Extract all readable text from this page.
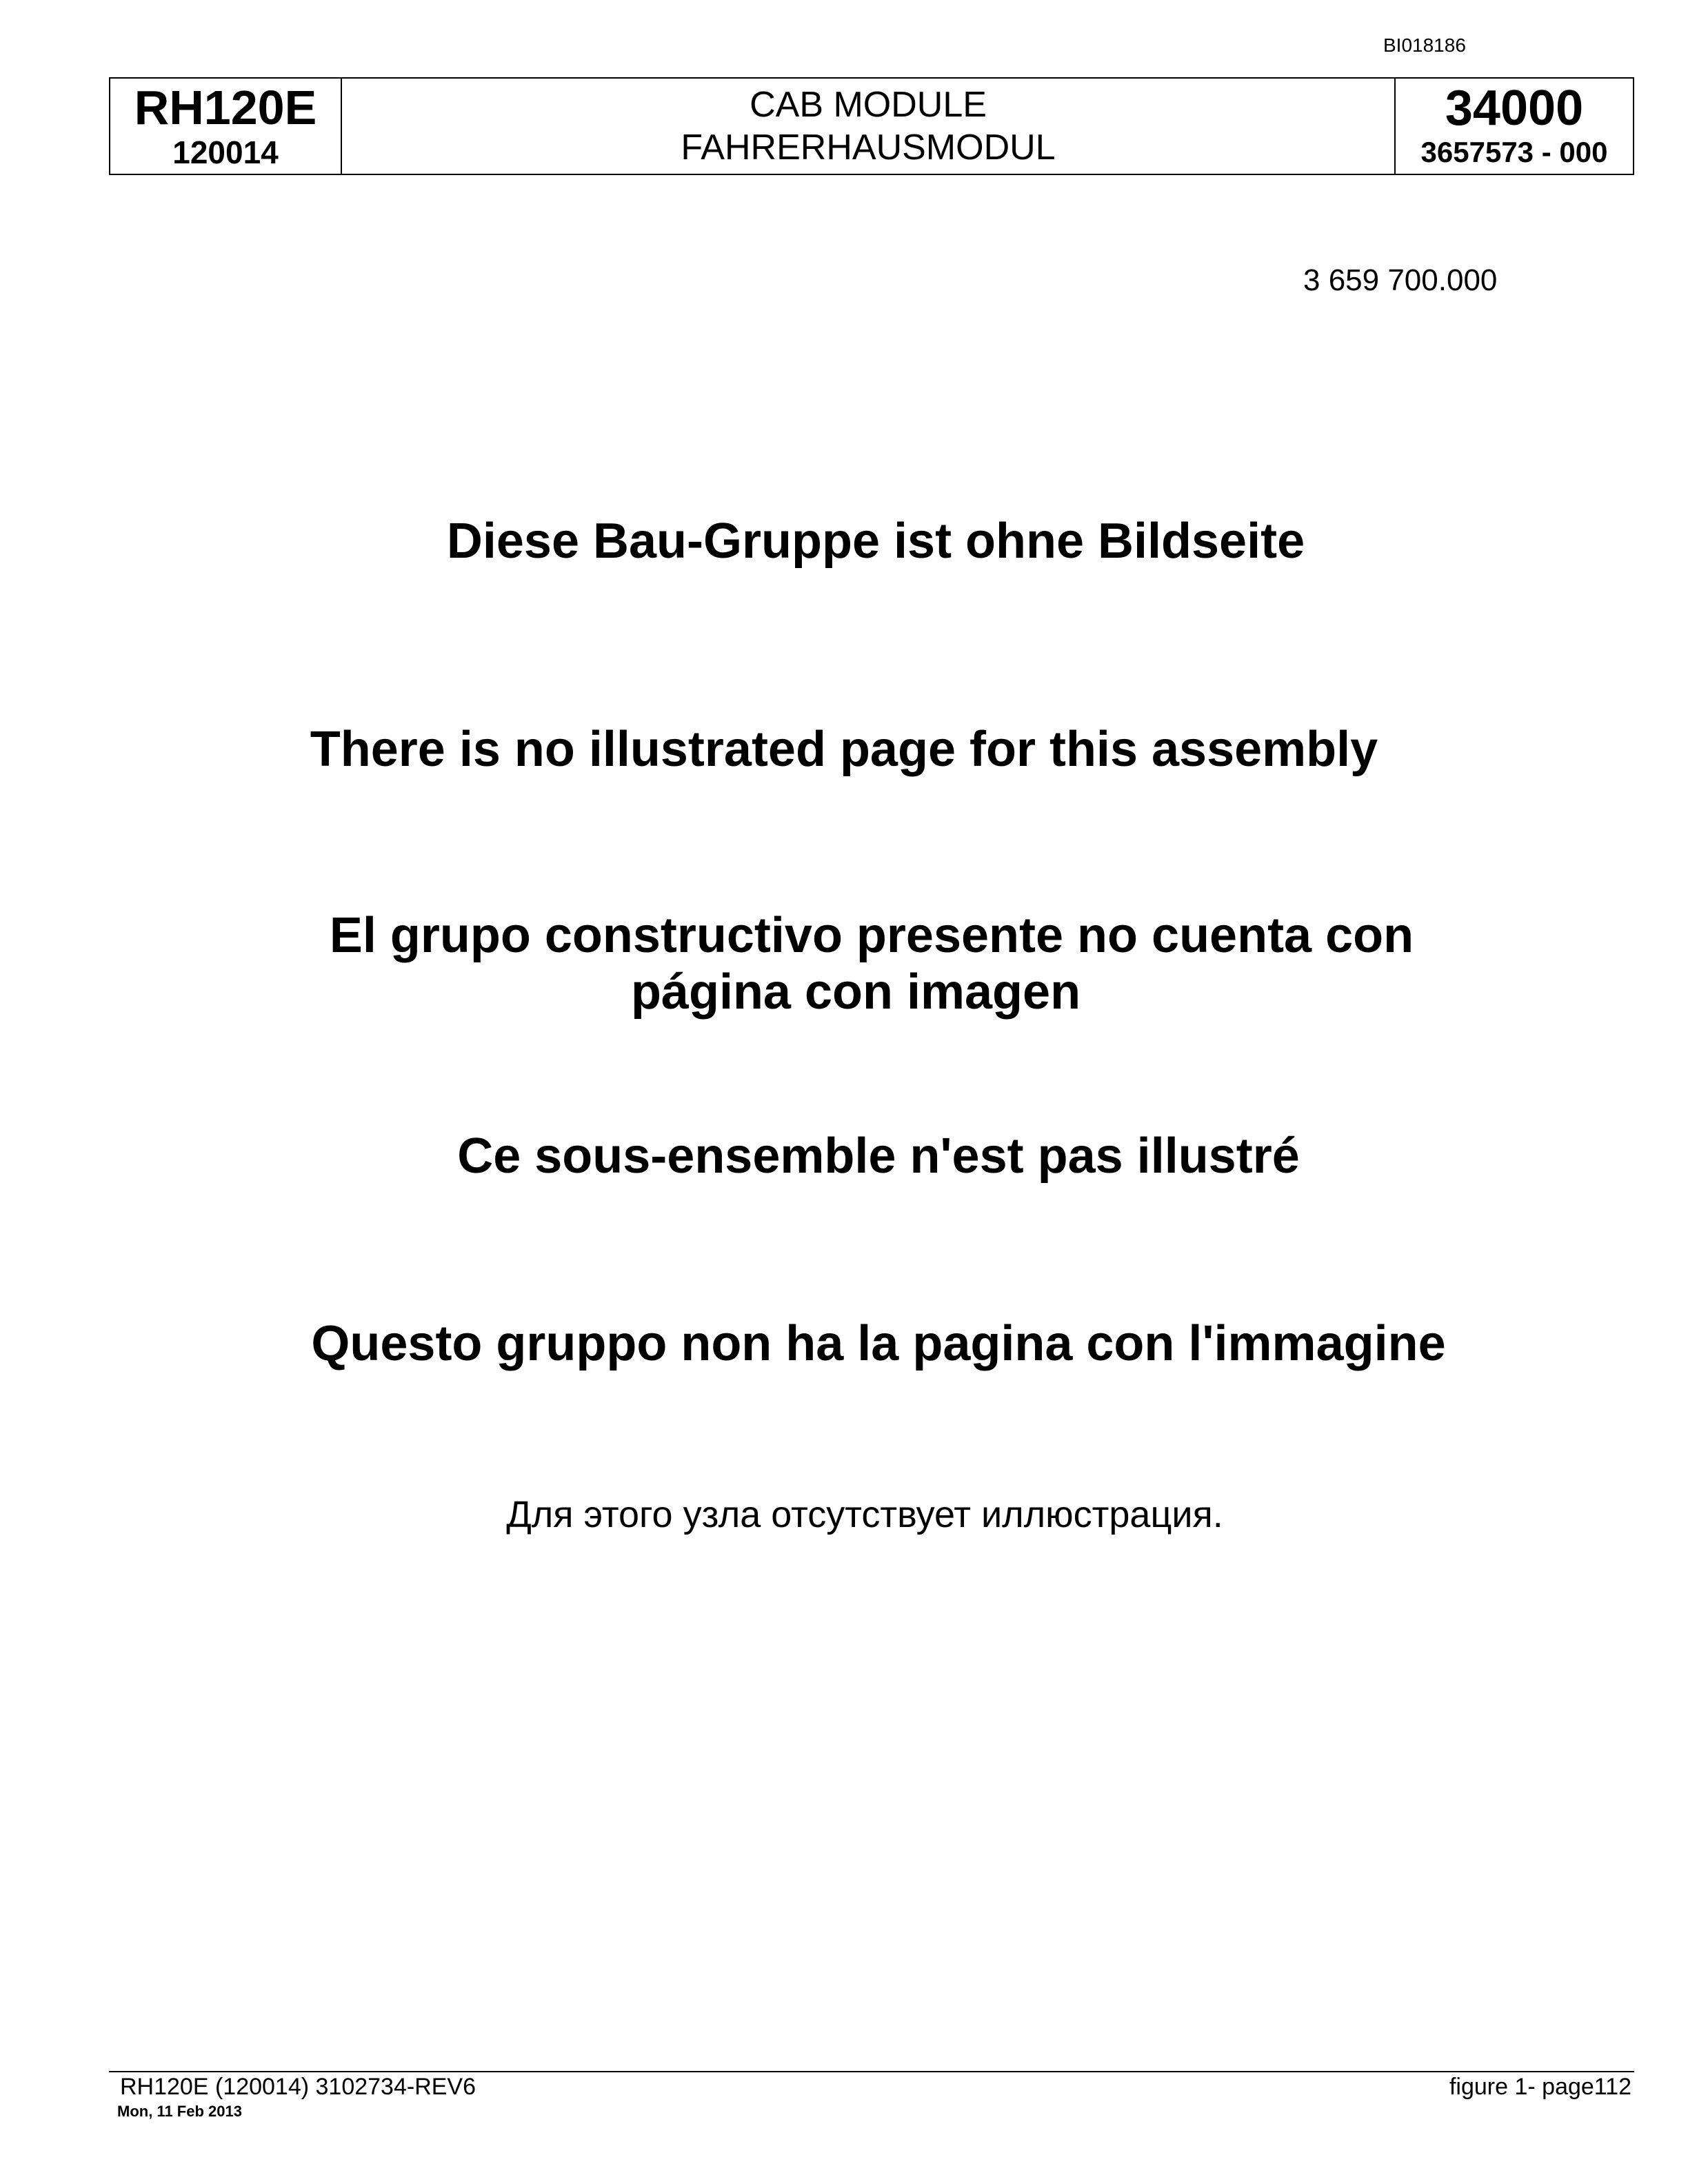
BI018186
RH120E
120014
CAB MODULE
FAHRERHAUSMODUL
34000
3657573 - 000
3 659 700.000
Diese Bau-Gruppe ist ohne Bildseite
There is no illustrated page for this assembly
El grupo constructivo presente no cuenta con
página con imagen
Ce sous-ensemble n'est pas illustré
Questo gruppo non ha la pagina con l'immagine
Для этого узла отсутствует иллюстрация.
RH120E (120014) 3102734-REV6
Mon, 11 Feb 2013
figure 1- page112
